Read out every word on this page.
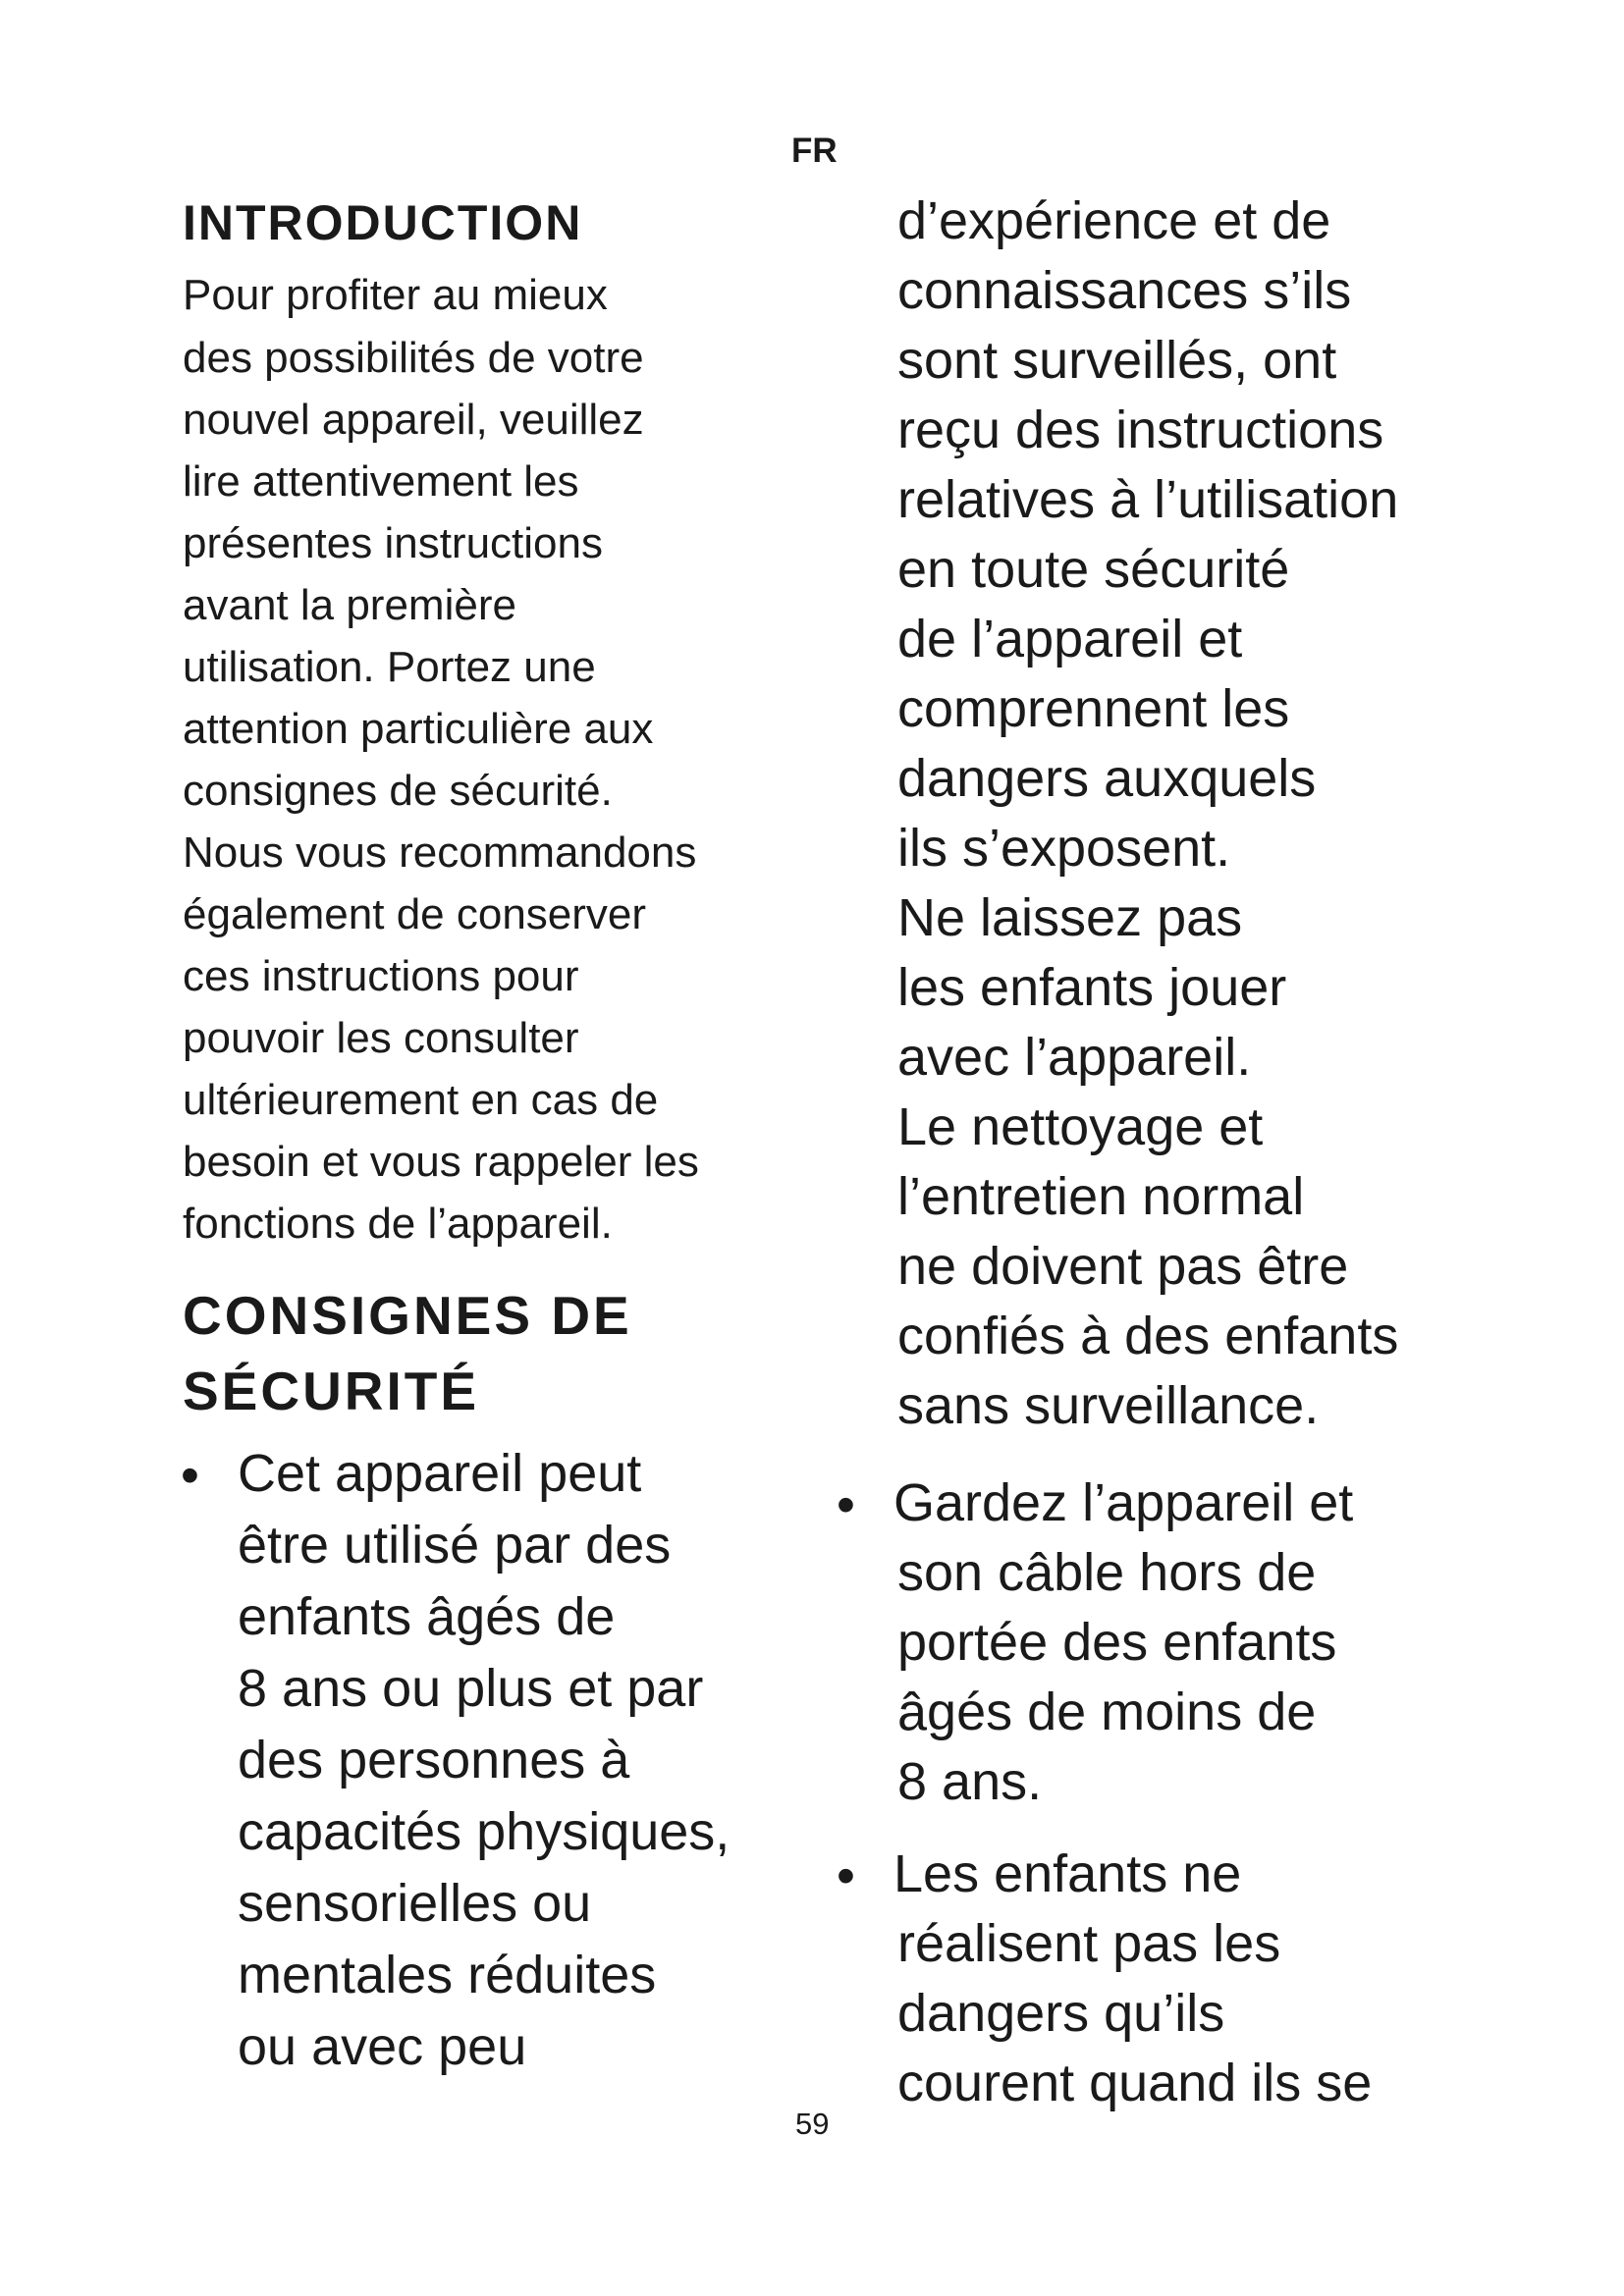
FR
59
INTRODUCTION
Pour profiter au mieux
des possibilités de votre
nouvel appareil, veuillez
lire attentivement les
présentes instructions
avant la première
utilisation. Portez une
attention particulière aux
consignes de sécurité.
Nous vous recommandons
également de conserver
ces instructions pour
pouvoir les consulter
ultérieurement en cas de
besoin et vous rappeler les
fonctions de l’appareil.
CONSIGNES DE
SÉCURITÉ
• Cet appareil peut
être utilisé par des
enfants âgés de
8 ans ou plus et par
des personnes à
capacités physiques,
sensorielles ou
mentales réduites
ou avec peu
d’expérience et de
connaissances s’ils
sont surveillés, ont
reçu des instructions
relatives à l’utilisation
en toute sécurité
de l’appareil et
comprennent les
dangers auxquels
ils s’exposent.
Ne laissez pas
les enfants jouer
avec l’appareil.
Le nettoyage et
l’entretien normal
ne doivent pas être
confiés à des enfants
sans surveillance.
• Gardez l’appareil et
son câble hors de
portée des enfants
âgés de moins de
8 ans.
• Les enfants ne
réalisent pas les
dangers qu’ils
courent quand ils se
